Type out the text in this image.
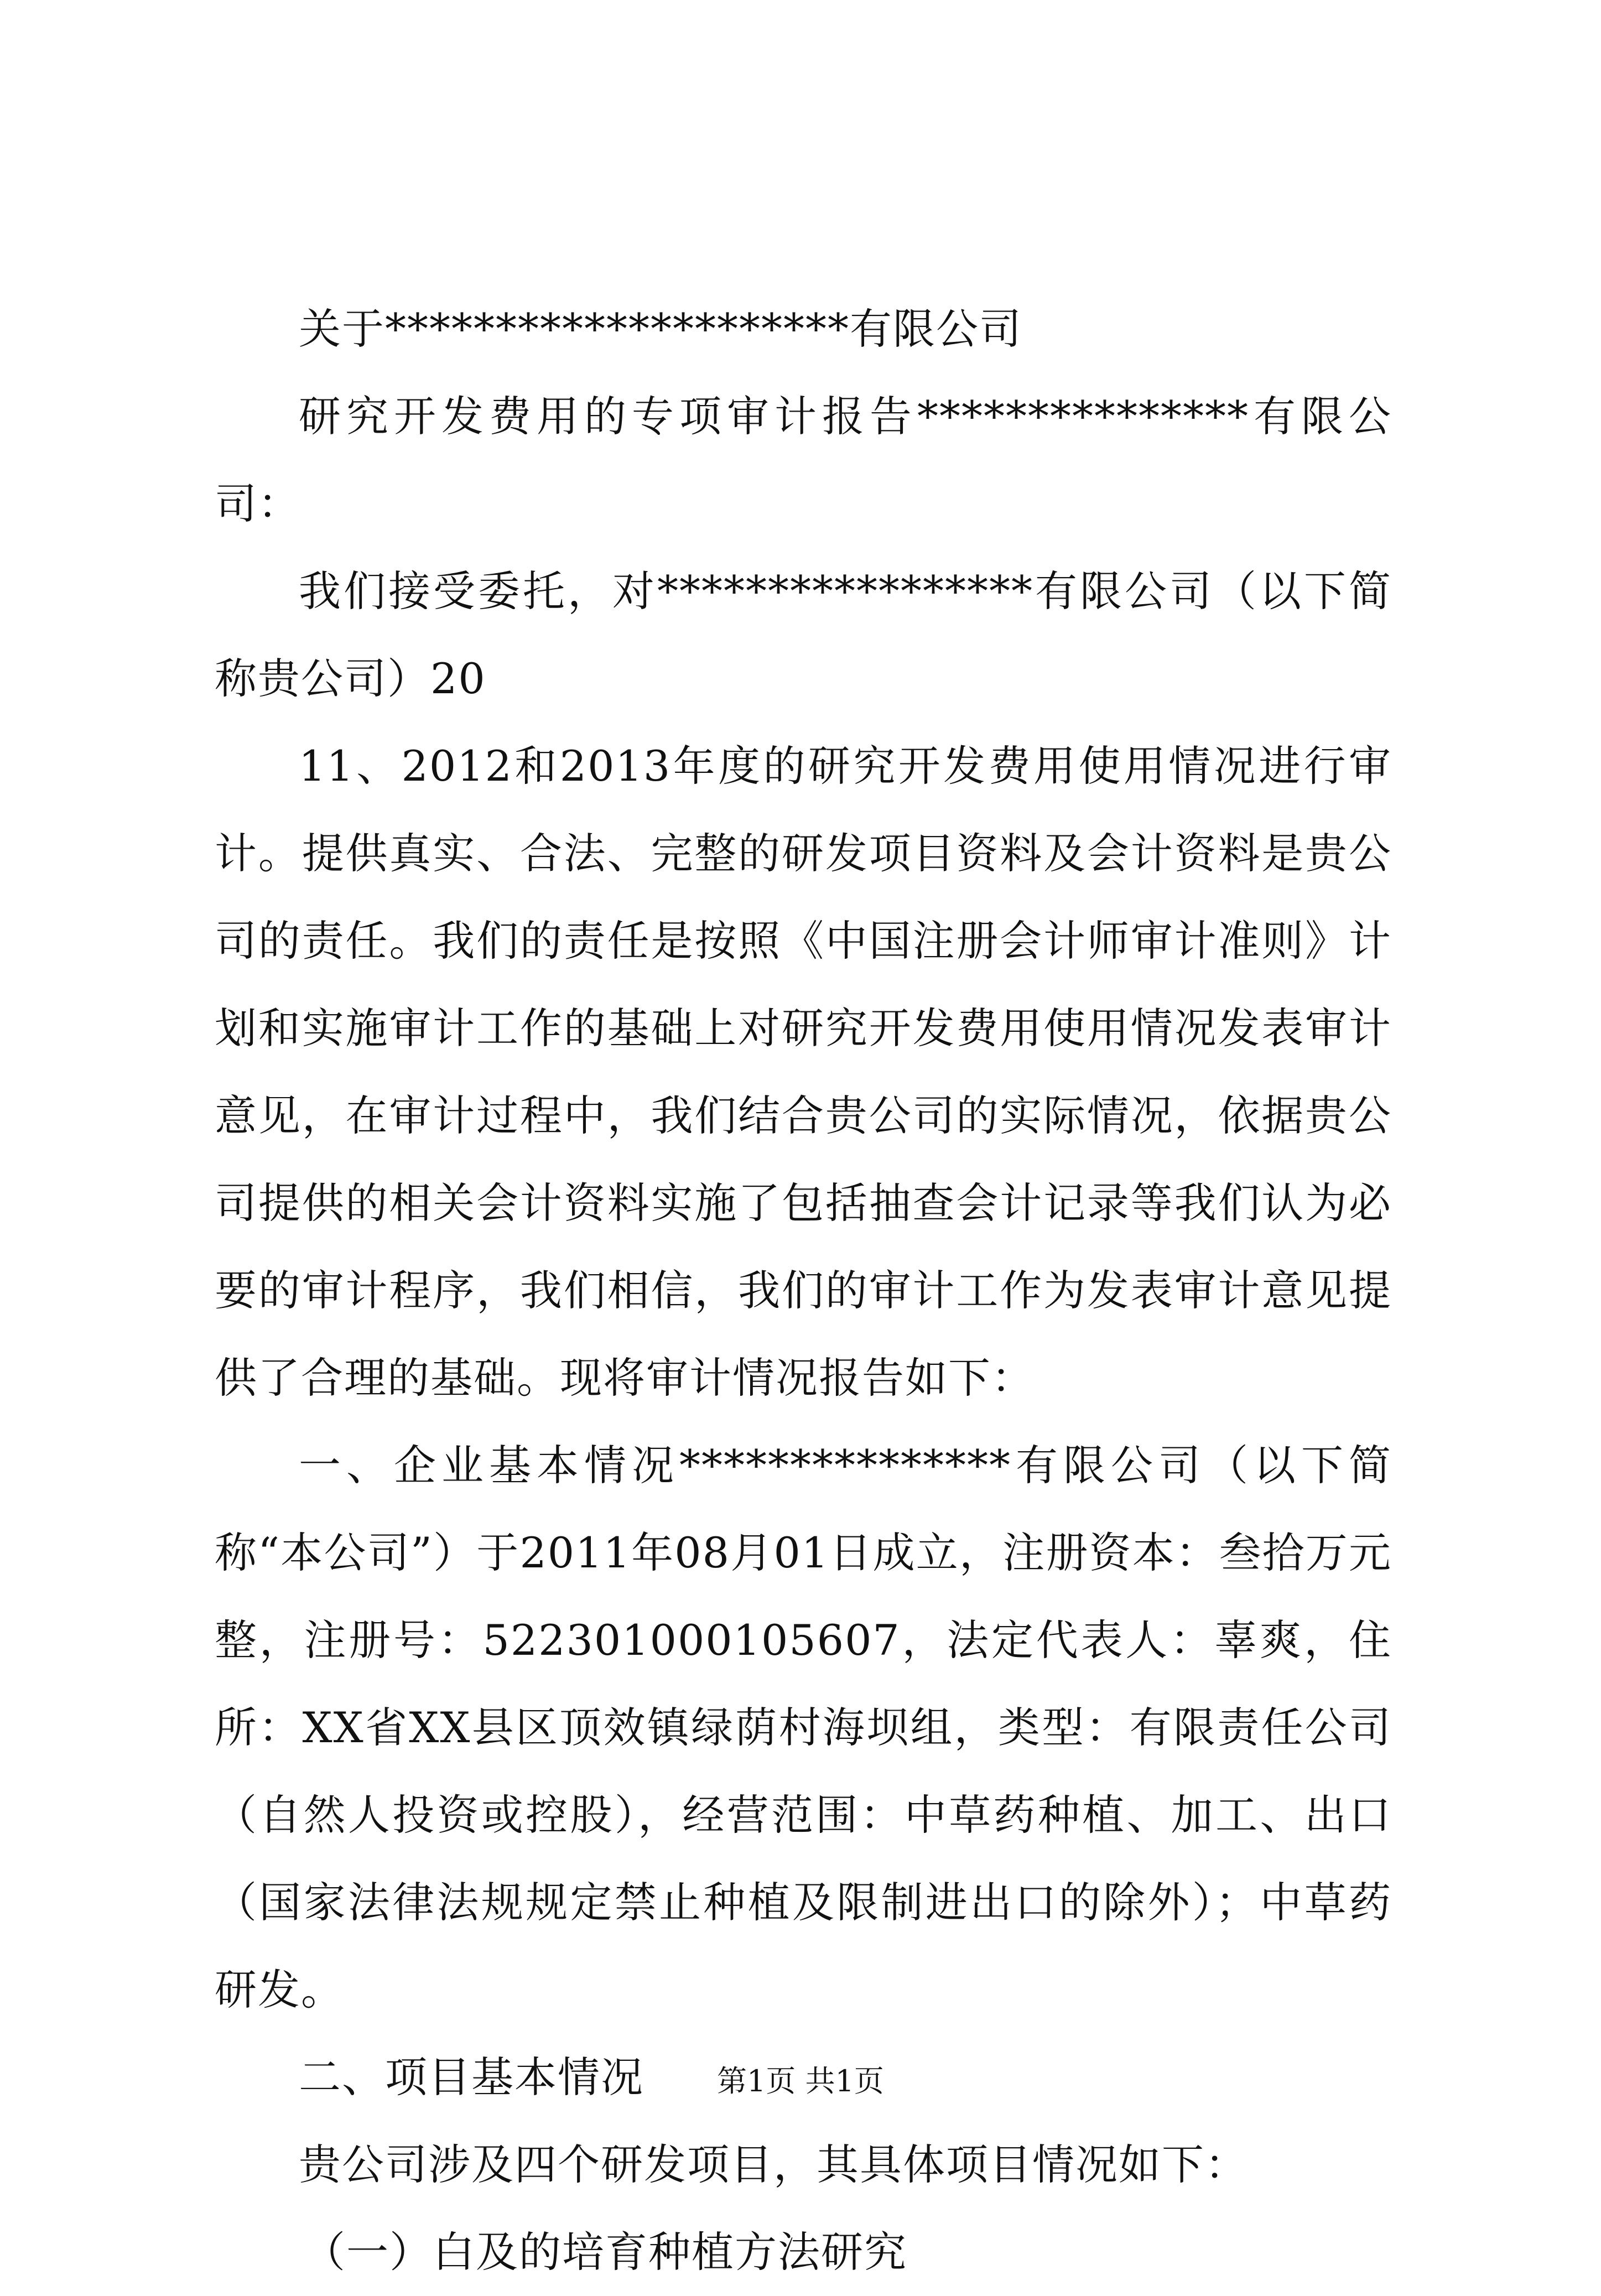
关于*********************有限公司

研究开发费用的专项审计报告***************有限公司：

我们接受委托，对*****************有限公司（以下简称贵公司）20

11、2012和2013年度的研究开发费用使用情况进行审计。提供真实、合法、完整的研发项目资料及会计资料是贵公司的责任。我们的责任是按照《中国注册会计师审计准则》计划和实施审计工作的基础上对研究开发费用使用情况发表审计意见，在审计过程中，我们结合贵公司的实际情况，依据贵公司提供的相关会计资料实施了包括抽查会计记录等我们认为必要的审计程序，我们相信，我们的审计工作为发表审计意见提供了合理的基础。现将审计情况报告如下：

一、企业基本情况***************有限公司（以下简称“本公司”）于2011年08月01日成立，注册资本：叁拾万元整，注册号：522301000105607，法定代表人：辜爽，住所：XX省XX县区顶效镇绿荫村海坝组，类型：有限责任公司（自然人投资或控股），经营范围：中草药种植、加工、出口（国家法律法规规定禁止种植及限制进出口的除外）；中草药研发。

二、项目基本情况

贵公司涉及四个研发项目，其具体项目情况如下：

（一）白及的培育种植方法研究

第1页 共1页
